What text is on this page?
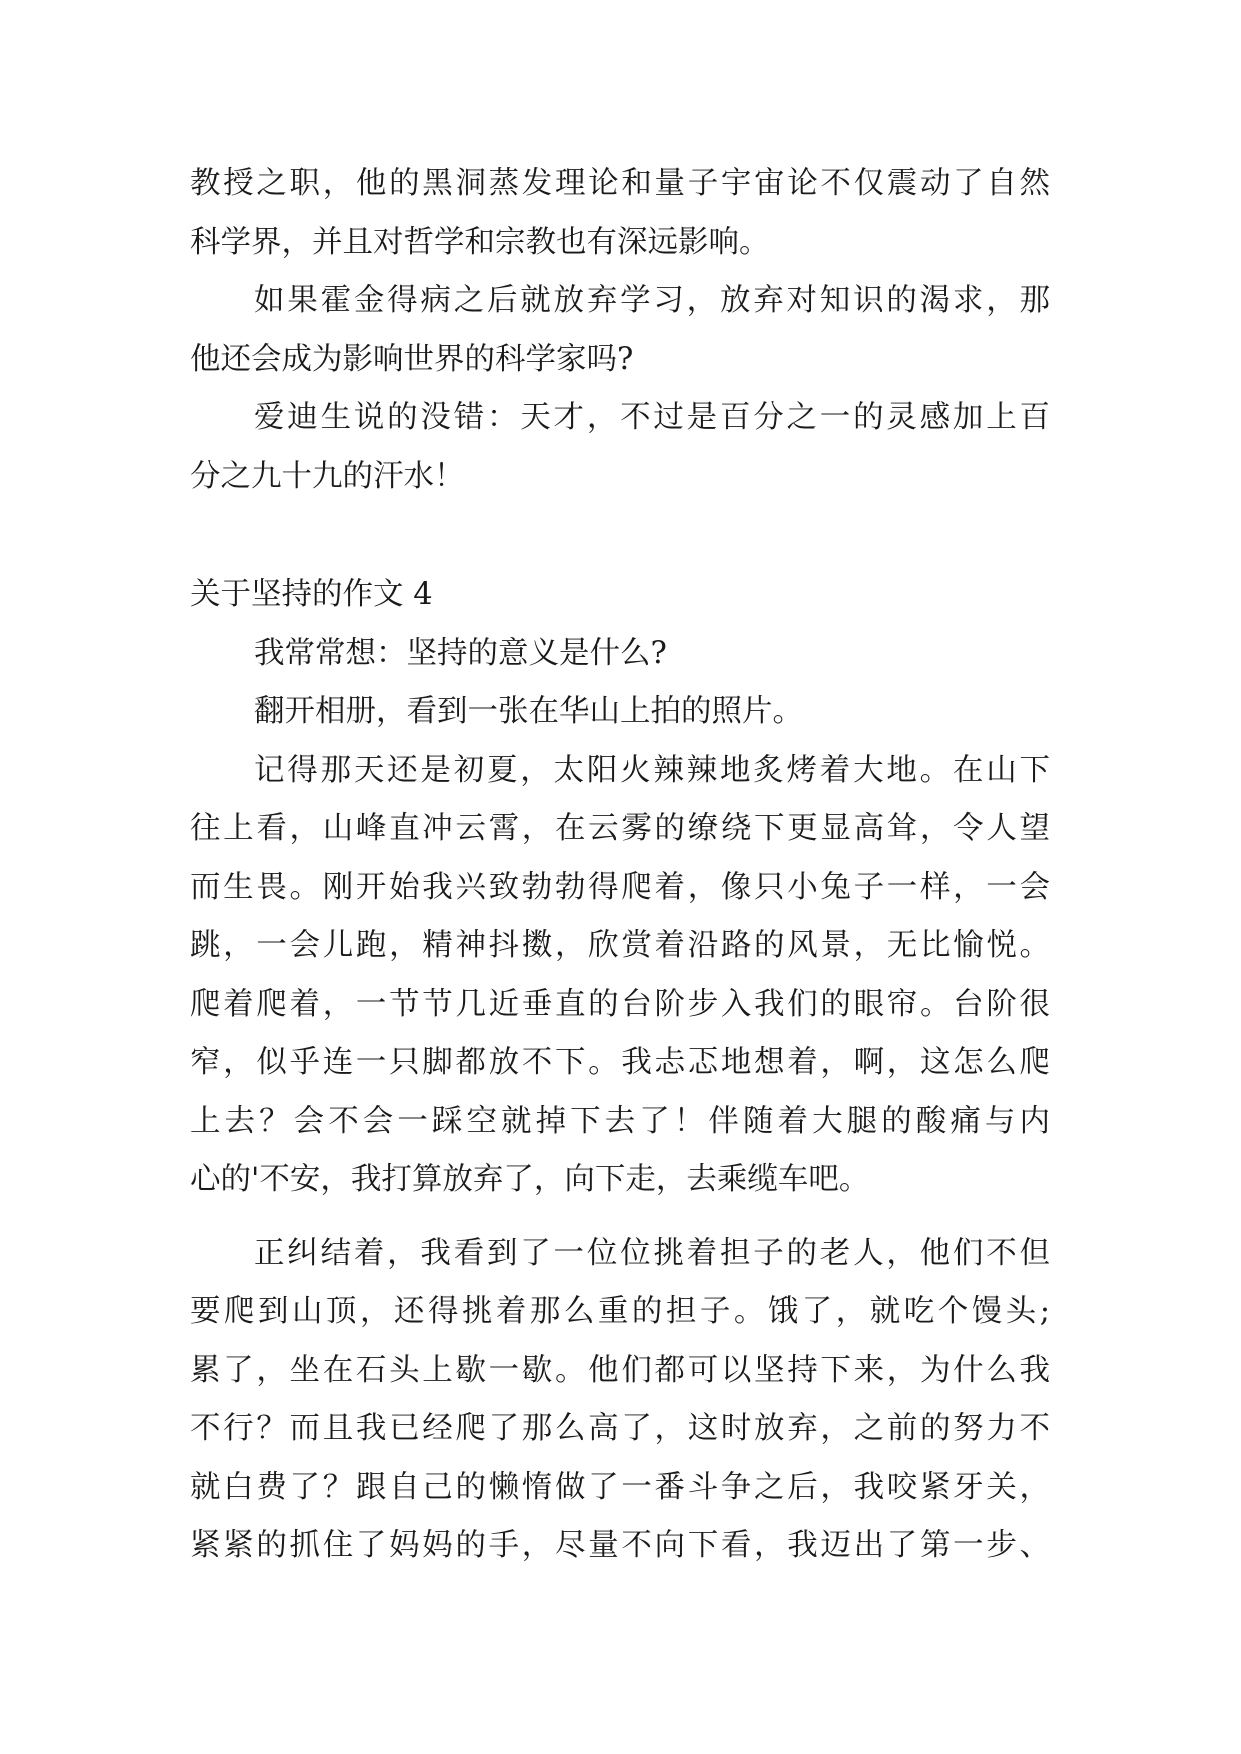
教授之职，他的黑洞蒸发理论和量子宇宙论不仅震动了自然
科学界，并且对哲学和宗教也有深远影响。
如果霍金得病之后就放弃学习，放弃对知识的渴求，那
他还会成为影响世界的科学家吗?
爱迪生说的没错：天才，不过是百分之一的灵感加上百
分之九十九的汗水！
关于坚持的作文 4
我常常想：坚持的意义是什么?
翻开相册，看到一张在华山上拍的照片。
记得那天还是初夏，太阳火辣辣地炙烤着大地。在山下
往上看，山峰直冲云霄，在云雾的缭绕下更显高耸，令人望
而生畏。刚开始我兴致勃勃得爬着，像只小兔子一样，一会
跳，一会儿跑，精神抖擞，欣赏着沿路的风景，无比愉悦。
爬着爬着，一节节几近垂直的台阶步入我们的眼帘。台阶很
窄，似乎连一只脚都放不下。我忐忑地想着，啊，这怎么爬
上去？会不会一踩空就掉下去了！伴随着大腿的酸痛与内
心的'不安，我打算放弃了，向下走，去乘缆车吧。
正纠结着，我看到了一位位挑着担子的老人，他们不但
要爬到山顶，还得挑着那么重的担子。饿了，就吃个馒头;
累了，坐在石头上歇一歇。他们都可以坚持下来，为什么我
不行？而且我已经爬了那么高了，这时放弃，之前的努力不
就白费了？跟自己的懒惰做了一番斗争之后，我咬紧牙关，
紧紧的抓住了妈妈的手，尽量不向下看，我迈出了第一步、
